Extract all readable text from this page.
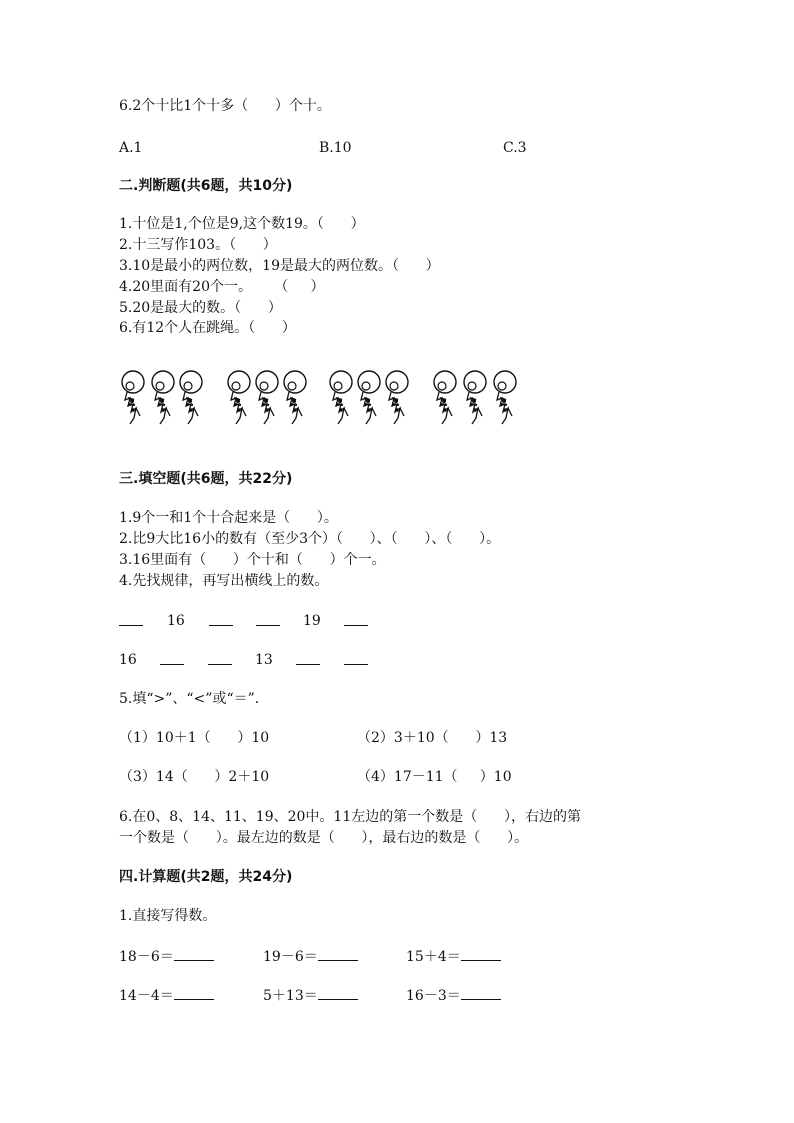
6.2个十比1个十多（      ）个十。
A.1	B.10	C.3
二.判断题(共6题，共10分)
1.十位是1,个位是9,这个数19。（      ）
2.十三写作103。（      ）
3.10是最小的两位数，19是最大的两位数。（      ）
4.20里面有20个一。     （     ）
5.20是最大的数。（      ）
6.有12个人在跳绳。（      ）
三.填空题(共6题，共22分)
1.9个一和1个十合起来是（      ）。
2.比9大比16小的数有（至少3个）（      ）、（      ）、（      ）。
3.16里面有（      ）个十和（      ）个一。
4.先找规律，再写出横线上的数。
16	19
16	13
5.填“>”、“<”或“＝”.
（1）10＋1（      ）10	（2）3＋10（      ）13
（3）14（      ）2＋10	（4）17－11（     ）10
6.在0、8、14、11、19、20中。11左边的第一个数是（      ），右边的第
一个数是（      ）。最左边的数是（      ），最右边的数是（      ）。
四.计算题(共2题，共24分)
1.直接写得数。
18－6＝	19－6＝	15＋4＝
14－4＝	5＋13＝	16－3＝
